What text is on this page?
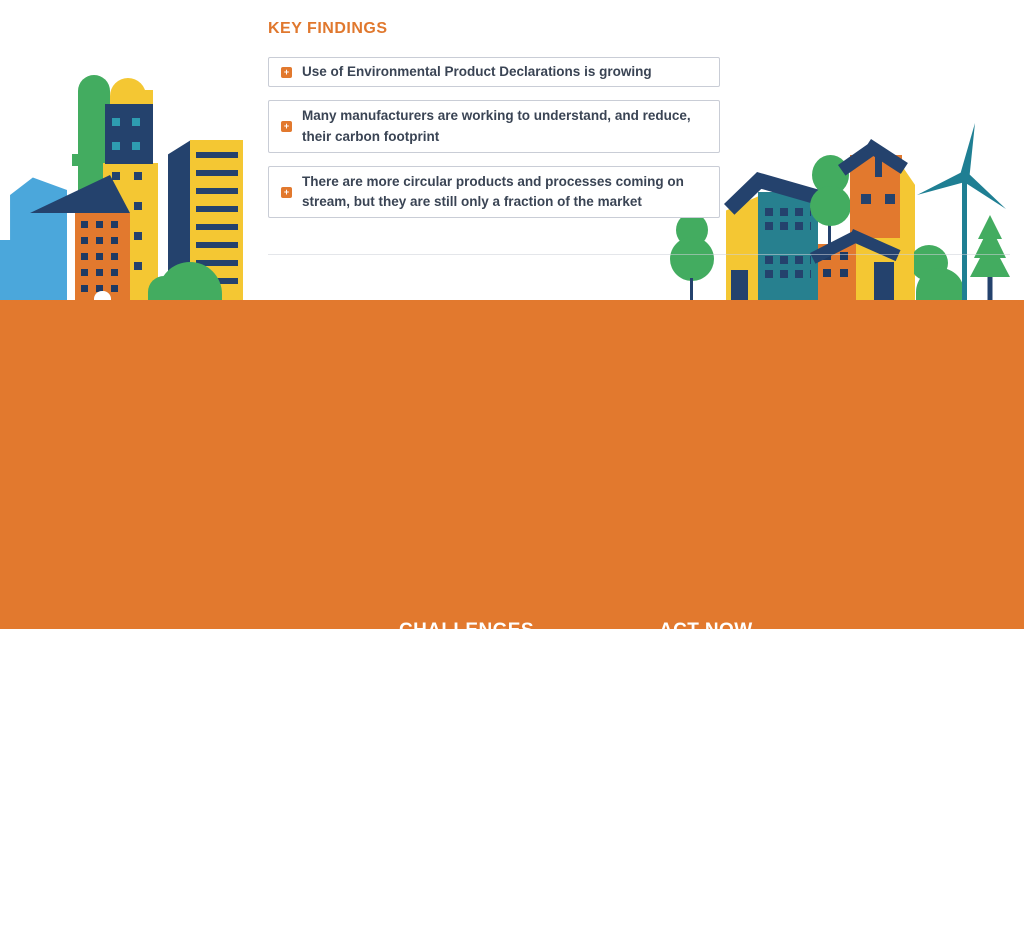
KEY FINDINGS
+ Use of Environmental Product Declarations is growing
+
Many manufacturers are working to understand, and reduce, their carbon footprint
+
There are more circular products and processes coming on stream, but they are still only a fraction of the market
CHALLENGES
• Cost & speed of certification for innovative low carbon products (eg NSAI Agrément).
• Cost & availability of electricity supply to decarbonise manufacturing.
• Public procurement not valuing more sustainable products.
• Lower carbon materials & processes may cost more initially; lack of financial support for decarbonisation.
• Challenge of establishing take back schemes in Ireland (lack of recycling facilities, isolated island location).
• Variability of data sources used for EPDS – lack of consistency.
ACT NOW
• Manufacturers: Develop EPDs for your products (such as via the IGBC's EPD Ireland programme).
• Suppliers: Encourage your manufacturers to develop EPDs.
• Use frameworks like the Science Based Targets Initiative to develop whole company carbon reduction plans.
• Read the IGBC's circularity roadmap and examine opportunities to incorporate circular or biobased products.
